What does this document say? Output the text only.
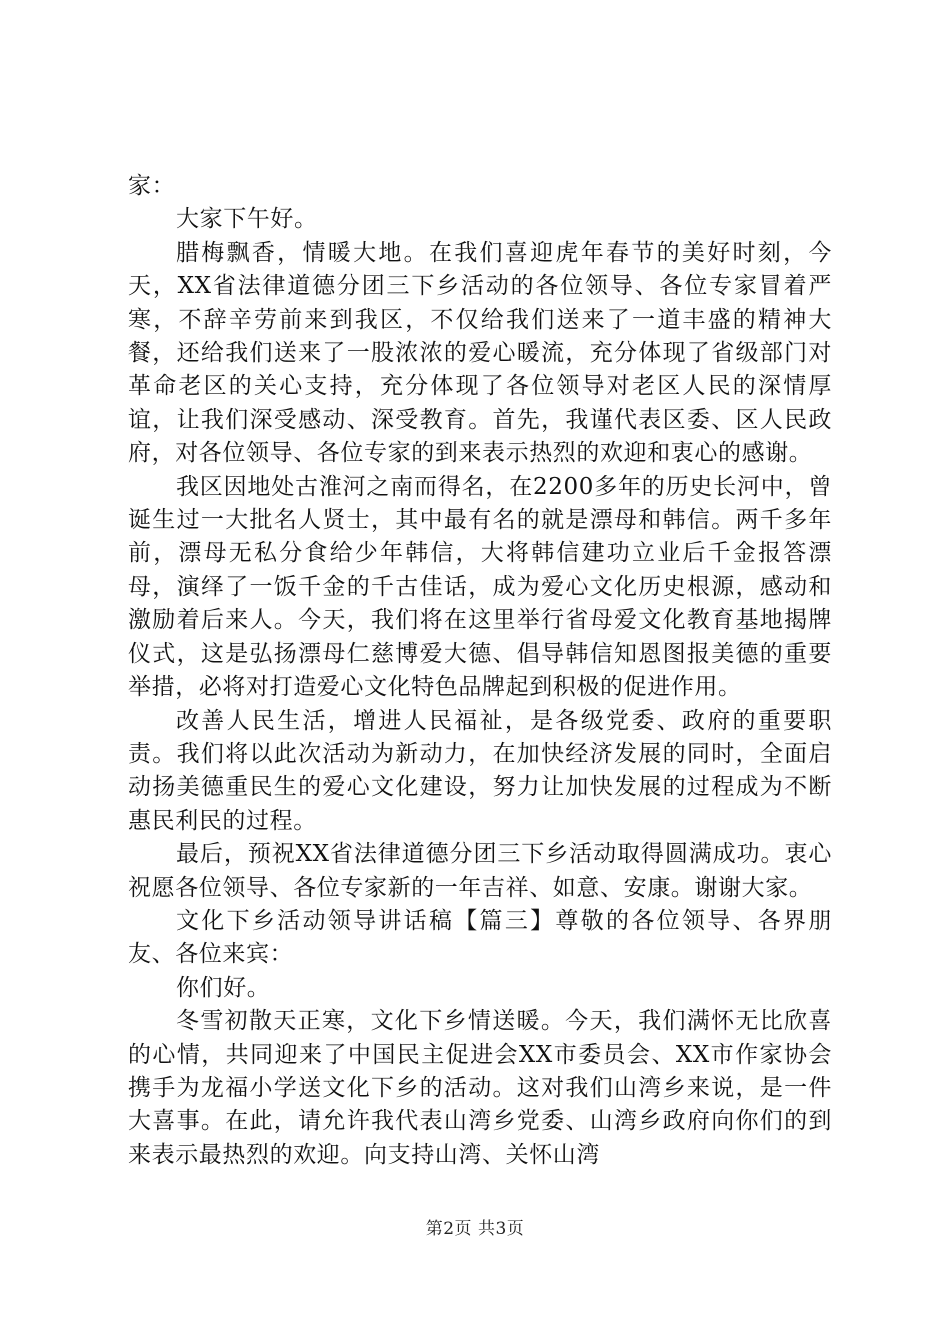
家：

大家下午好。

腊梅飘香，情暖大地。在我们喜迎虎年春节的美好时刻，今天，XX省法律道德分团三下乡活动的各位领导、各位专家冒着严寒，不辞辛劳前来到我区，不仅给我们送来了一道丰盛的精神大餐，还给我们送来了一股浓浓的爱心暖流，充分体现了省级部门对革命老区的关心支持，充分体现了各位领导对老区人民的深情厚谊，让我们深受感动、深受教育。首先，我谨代表区委、区人民政府，对各位领导、各位专家的到来表示热烈的欢迎和衷心的感谢。

我区因地处古淮河之南而得名，在2200多年的历史长河中，曾诞生过一大批名人贤士，其中最有名的就是漂母和韩信。两千多年前，漂母无私分食给少年韩信，大将韩信建功立业后千金报答漂母，演绎了一饭千金的千古佳话，成为爱心文化历史根源，感动和激励着后来人。今天，我们将在这里举行省母爱文化教育基地揭牌仪式，这是弘扬漂母仁慈博爱大德、倡导韩信知恩图报美德的重要举措，必将对打造爱心文化特色品牌起到积极的促进作用。

改善人民生活，增进人民福祉，是各级党委、政府的重要职责。我们将以此次活动为新动力，在加快经济发展的同时，全面启动扬美德重民生的爱心文化建设，努力让加快发展的过程成为不断惠民利民的过程。

最后，预祝XX省法律道德分团三下乡活动取得圆满成功。衷心祝愿各位领导、各位专家新的一年吉祥、如意、安康。谢谢大家。

文化下乡活动领导讲话稿【篇三】尊敬的各位领导、各界朋友、各位来宾：

你们好。

冬雪初散天正寒，文化下乡情送暖。今天，我们满怀无比欣喜的心情，共同迎来了中国民主促进会XX市委员会、XX市作家协会携手为龙福小学送文化下乡的活动。这对我们山湾乡来说，是一件大喜事。在此，请允许我代表山湾乡党委、山湾乡政府向你们的到来表示最热烈的欢迎。向支持山湾、关怀山湾

第2页 共3页
